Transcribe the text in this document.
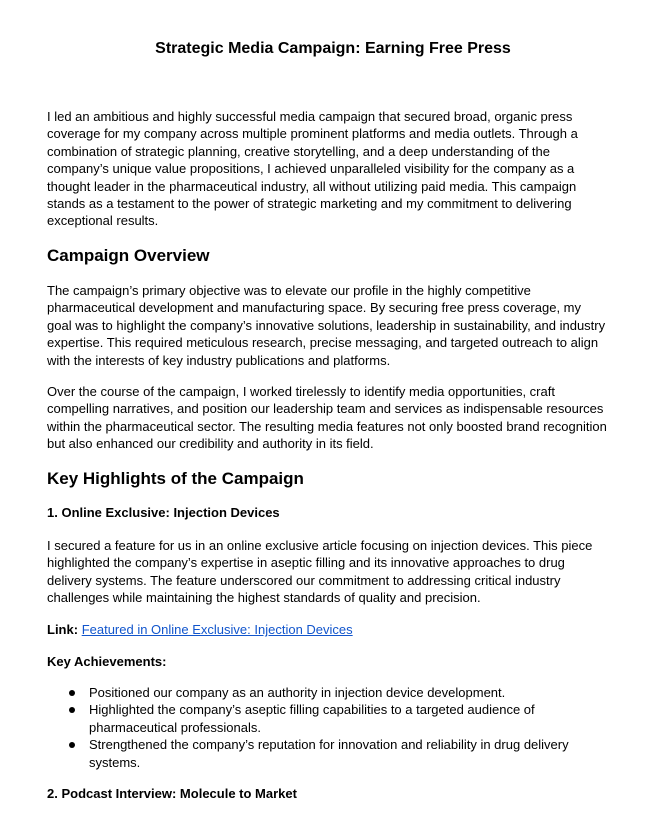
Strategic Media Campaign: Earning Free Press

I led an ambitious and highly successful media campaign that secured broad, organic press coverage for my company across multiple prominent platforms and media outlets. Through a combination of strategic planning, creative storytelling, and a deep understanding of the company’s unique value propositions, I achieved unparalleled visibility for the company as a thought leader in the pharmaceutical industry, all without utilizing paid media. This campaign stands as a testament to the power of strategic marketing and my commitment to delivering exceptional results.

Campaign Overview

The campaign’s primary objective was to elevate our profile in the highly competitive pharmaceutical development and manufacturing space. By securing free press coverage, my goal was to highlight the company’s innovative solutions, leadership in sustainability, and industry expertise. This required meticulous research, precise messaging, and targeted outreach to align with the interests of key industry publications and platforms.

Over the course of the campaign, I worked tirelessly to identify media opportunities, craft compelling narratives, and position our leadership team and services as indispensable resources within the pharmaceutical sector. The resulting media features not only boosted brand recognition but also enhanced our credibility and authority in its field.

Key Highlights of the Campaign
1. Online Exclusive: Injection Devices

I secured a feature for us in an online exclusive article focusing on injection devices. This piece highlighted the company’s expertise in aseptic filling and its innovative approaches to drug delivery systems. The feature underscored our commitment to addressing critical industry challenges while maintaining the highest standards of quality and precision.

Link: Featured in Online Exclusive: Injection Devices

Key Achievements:
Positioned our company as an authority in injection device development.
Highlighted the company’s aseptic filling capabilities to a targeted audience of pharmaceutical professionals.
Strengthened the company’s reputation for innovation and reliability in drug delivery systems.
2. Podcast Interview: Molecule to Market
